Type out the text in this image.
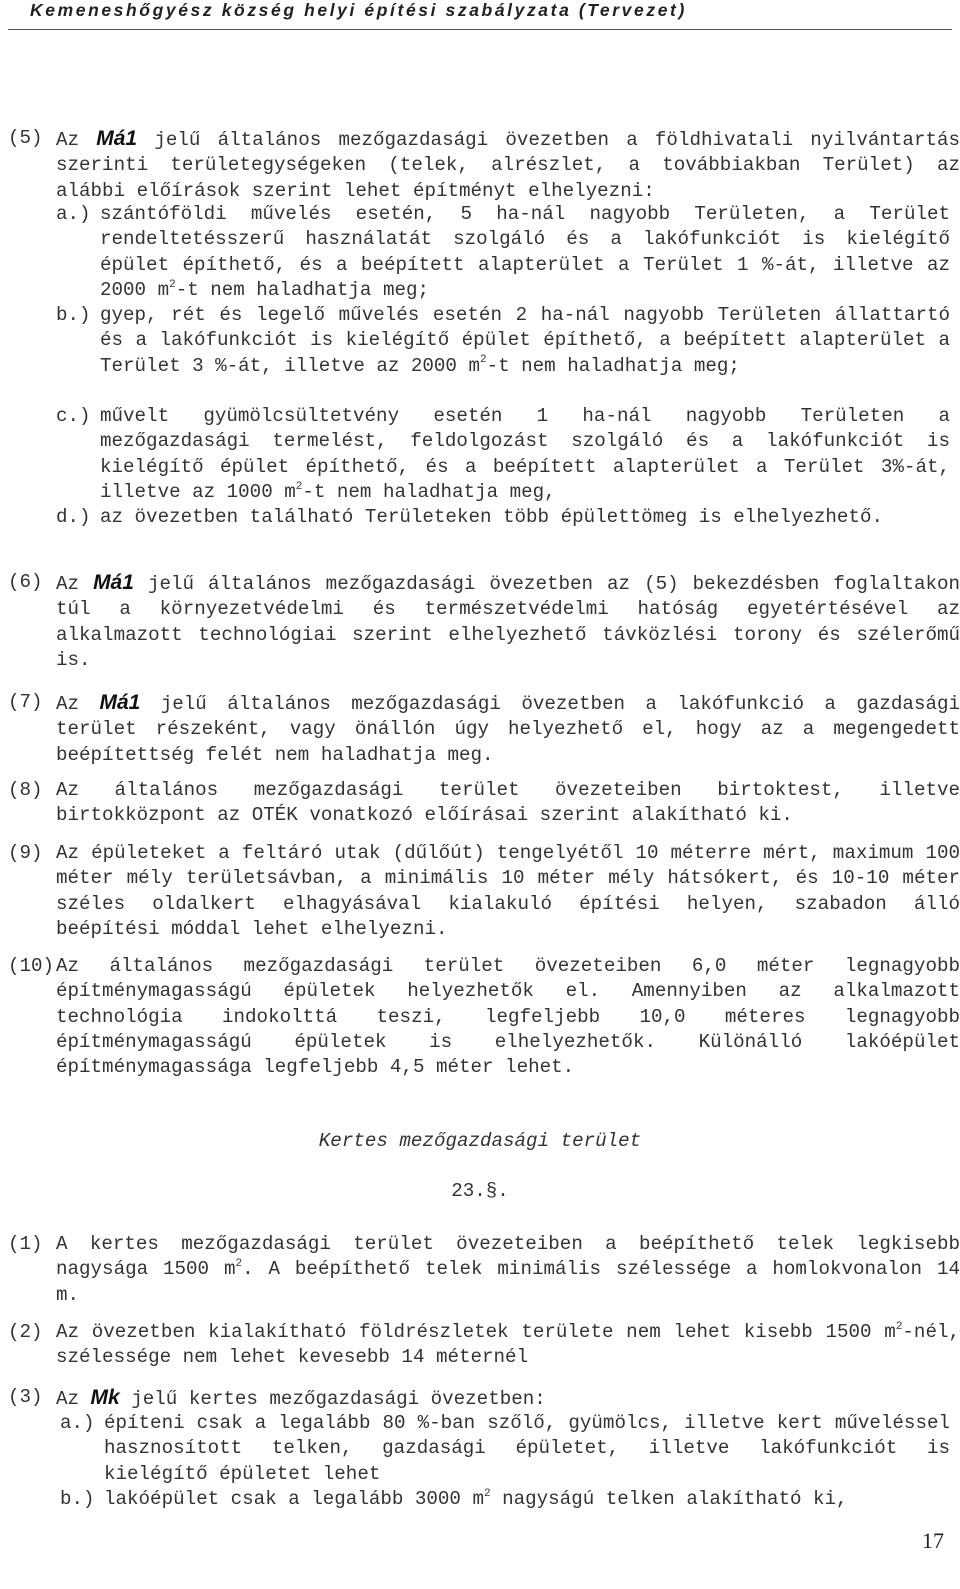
Kemeneshőgyész község helyi építési szabályzata (Tervezet)
(5) Az Má1 jelű általános mezőgazdasági övezetben a földhivatali nyilvántartás szerinti területegységeken (telek, alrészlet, a továbbiakban Terület) az alábbi előírások szerint lehet építményt elhelyezni:
a.) szántóföldi művelés esetén, 5 ha-nál nagyobb Területen, a Terület rendeltetésszerű használatát szolgáló és a lakófunkciót is kielégítő épület építhető, és a beépített alapterület a Terület 1 %-át, illetve az 2000 $m^2-t$ nem haladhatja meg;
b.) gyep, rét és legelő művelés esetén 2 ha-nál nagyobb Területen állattartó és a lakófunkciót is kielégítő épület építhető, a beépített alapterület a Terület 3 %-át, illetve az 2000 $m^2-t$ nem haladhatja meg;
c.) művelt gyümölcsültetvény esetén 1 ha-nál nagyobb Területen a mezőgazdasági termelést, feldolgozást szolgáló és a lakófunkciót is kielégítő épület építhető, és a beépített alapterület a Terület 3%-át, illetve az 1000 $m^2-t$ nem haladhatja meg,
d.) az övezetben található Területeken több épülettömeg is elhelyezhető.
(6) Az Má1 jelű általános mezőgazdasági övezetben az (5) bekezdésben foglaltakon túl a környezetvédelmi és természetvédelmi hatóság egyetértésével az alkalmazott technológiai szerint elhelyezhető távközlési torony és szélerőmű is.
(7) Az Má1 jelű általános mezőgazdasági övezetben a lakófunkció a gazdasági terület részeként, vagy önállón úgy helyezhető el, hogy az a megengedett beépítettség felét nem haladhatja meg.
(8) Az általános mezőgazdasági terület övezeteiben birtoktest, illetve birtokközpont az OTÉK vonatkozó előírásai szerint alakítható ki.
(9) Az épületeket a feltáró utak (dűlőút) tengelyétől 10 méterre mért, maximum 100 méter mély területsávban, a minimális 10 méter mély hátsókert, és 10-10 méter széles oldalkert elhagyásával kialakuló építési helyen, szabadon álló beépítési móddal lehet elhelyezni.
(10) Az általános mezőgazdasági terület övezeteiben 6,0 méter legnagyobb építménymagasságú épületek helyezhetők el. Amennyiben az alkalmazott technológia indokolttá teszi, legfeljebb 10,0 méteres legnagyobb építménymagasságú épületek is elhelyezhetők. Különálló lakóépület építménymagassága legfeljebb 4,5 méter lehet.
Kertes mezőgazdasági terület
23.§.
(1) A kertes mezőgazdasági terület övezeteiben a beépíthető telek legkisebb nagysága 1500 $m^2$. A beépíthető telek minimális szélessége a homlokvonalon 14 m.
(2) Az övezetben kialakítható földrészletek területe nem lehet kisebb 1500 $m^2$-nél, szélessége nem lehet kevesebb 14 méternél
(3) Az Mk jelű kertes mezőgazdasági övezetben:
a.) építeni csak a legalább 80 %-ban szőlő, gyümölcs, illetve kert műveléssel hasznosított telken, gazdasági épületet, illetve lakófunkciót is kielégítő épületet lehet
b.) lakóépület csak a legalább 3000 $m^2$ nagyságú telken alakítható ki,
17
